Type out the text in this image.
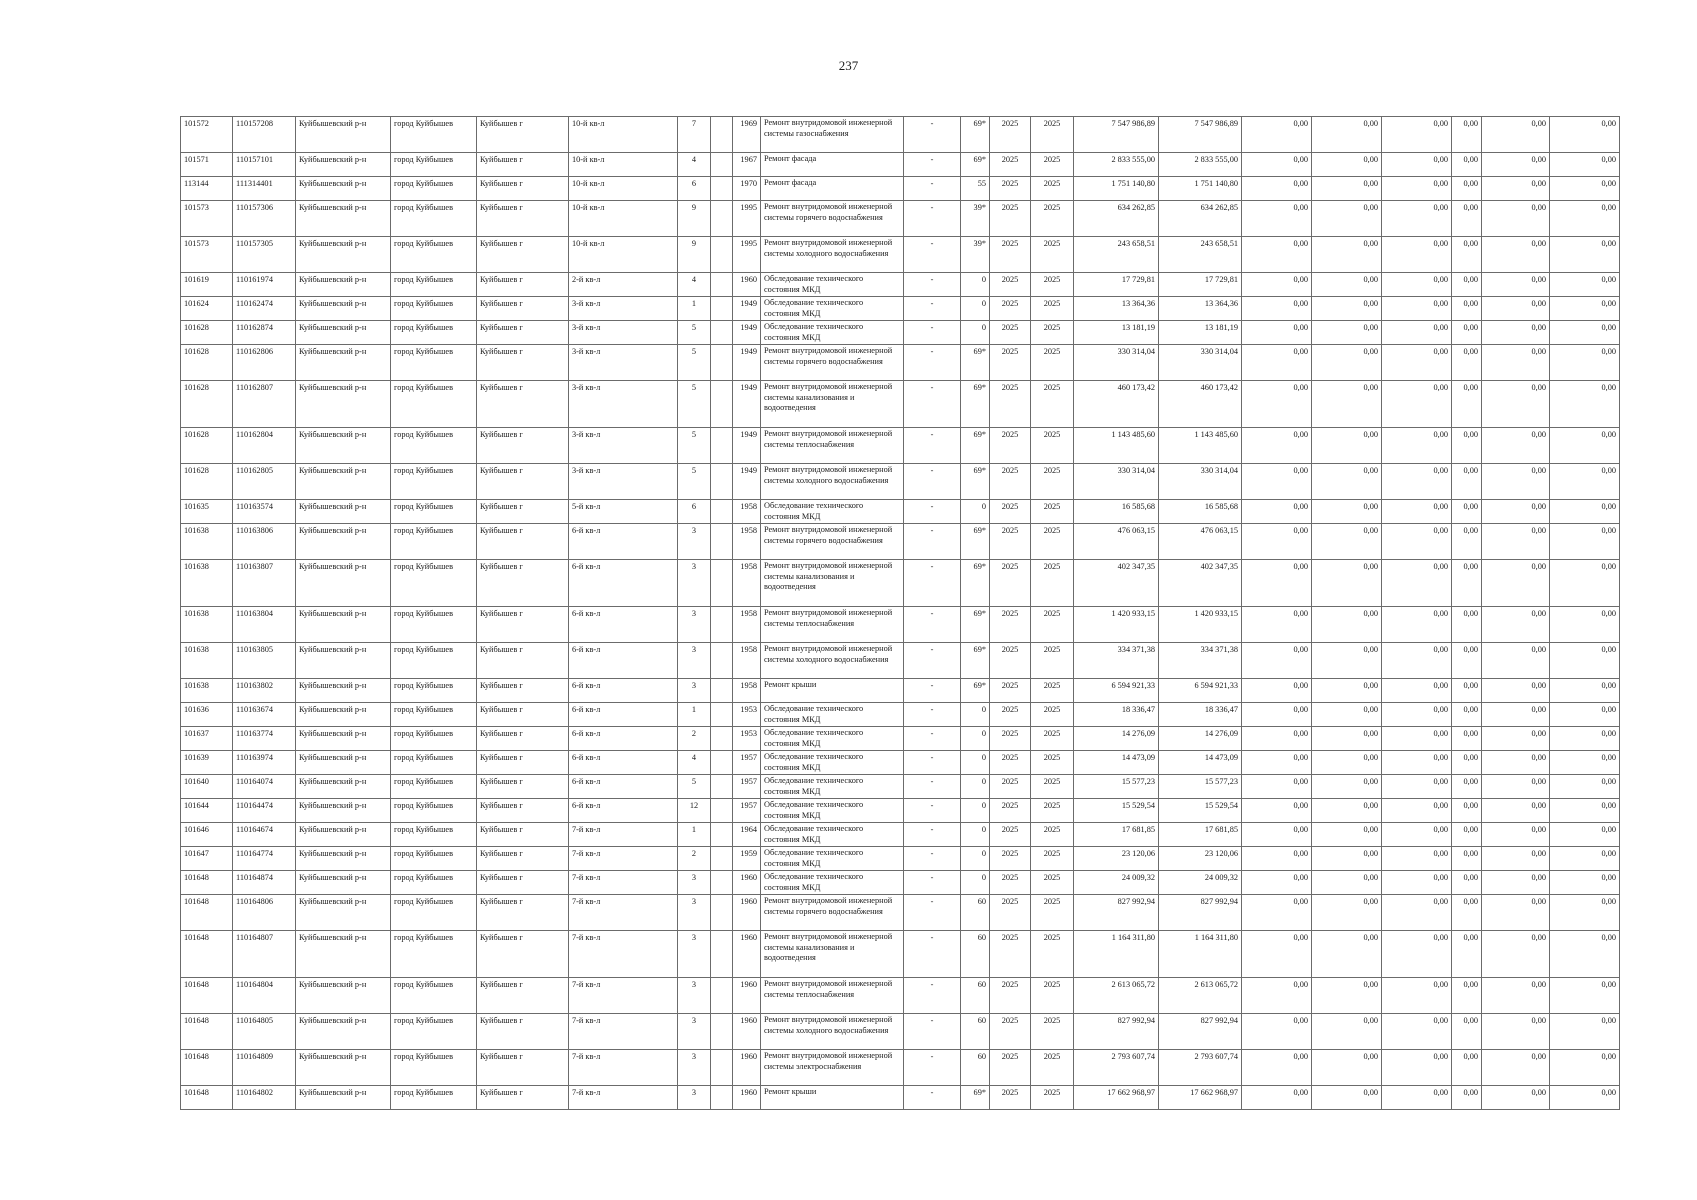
237
101572	110157208	Куйбышевский р-н	город Куйбышев	Куйбышев г	10-й кв-л	7		1969	Ремонт внутридомовой инженерной системы газоснабжения	-	69*	2025	2025	7 547 986,89	7 547 986,89	0,00	0,00	0,00	0,00	0,00	0,00
101571	110157101	Куйбышевский р-н	город Куйбышев	Куйбышев г	10-й кв-л	4		1967	Ремонт фасада	-	69*	2025	2025	2 833 555,00	2 833 555,00	0,00	0,00	0,00	0,00	0,00	0,00
113144	111314401	Куйбышевский р-н	город Куйбышев	Куйбышев г	10-й кв-л	6		1970	Ремонт фасада	-	55	2025	2025	1 751 140,80	1 751 140,80	0,00	0,00	0,00	0,00	0,00	0,00
101573	110157306	Куйбышевский р-н	город Куйбышев	Куйбышев г	10-й кв-л	9		1995	Ремонт внутридомовой инженерной системы горячего водоснабжения	-	39*	2025	2025	634 262,85	634 262,85	0,00	0,00	0,00	0,00	0,00	0,00
101573	110157305	Куйбышевский р-н	город Куйбышев	Куйбышев г	10-й кв-л	9		1995	Ремонт внутридомовой инженерной системы холодного водоснабжения	-	39*	2025	2025	243 658,51	243 658,51	0,00	0,00	0,00	0,00	0,00	0,00
101619	110161974	Куйбышевский р-н	город Куйбышев	Куйбышев г	2-й кв-л	4		1960	Обследование технического состояния МКД	-	0	2025	2025	17 729,81	17 729,81	0,00	0,00	0,00	0,00	0,00	0,00
101624	110162474	Куйбышевский р-н	город Куйбышев	Куйбышев г	3-й кв-л	1		1949	Обследование технического состояния МКД	-	0	2025	2025	13 364,36	13 364,36	0,00	0,00	0,00	0,00	0,00	0,00
101628	110162874	Куйбышевский р-н	город Куйбышев	Куйбышев г	3-й кв-л	5		1949	Обследование технического состояния МКД	-	0	2025	2025	13 181,19	13 181,19	0,00	0,00	0,00	0,00	0,00	0,00
101628	110162806	Куйбышевский р-н	город Куйбышев	Куйбышев г	3-й кв-л	5		1949	Ремонт внутридомовой инженерной системы горячего водоснабжения	-	69*	2025	2025	330 314,04	330 314,04	0,00	0,00	0,00	0,00	0,00	0,00
101628	110162807	Куйбышевский р-н	город Куйбышев	Куйбышев г	3-й кв-л	5		1949	Ремонт внутридомовой инженерной системы канализования и водоотведения	-	69*	2025	2025	460 173,42	460 173,42	0,00	0,00	0,00	0,00	0,00	0,00
101628	110162804	Куйбышевский р-н	город Куйбышев	Куйбышев г	3-й кв-л	5		1949	Ремонт внутридомовой инженерной системы теплоснабжения	-	69*	2025	2025	1 143 485,60	1 143 485,60	0,00	0,00	0,00	0,00	0,00	0,00
101628	110162805	Куйбышевский р-н	город Куйбышев	Куйбышев г	3-й кв-л	5		1949	Ремонт внутридомовой инженерной системы холодного водоснабжения	-	69*	2025	2025	330 314,04	330 314,04	0,00	0,00	0,00	0,00	0,00	0,00
101635	110163574	Куйбышевский р-н	город Куйбышев	Куйбышев г	5-й кв-л	6		1958	Обследование технического состояния МКД	-	0	2025	2025	16 585,68	16 585,68	0,00	0,00	0,00	0,00	0,00	0,00
101638	110163806	Куйбышевский р-н	город Куйбышев	Куйбышев г	6-й кв-л	3		1958	Ремонт внутридомовой инженерной системы горячего водоснабжения	-	69*	2025	2025	476 063,15	476 063,15	0,00	0,00	0,00	0,00	0,00	0,00
101638	110163807	Куйбышевский р-н	город Куйбышев	Куйбышев г	6-й кв-л	3		1958	Ремонт внутридомовой инженерной системы канализования и водоотведения	-	69*	2025	2025	402 347,35	402 347,35	0,00	0,00	0,00	0,00	0,00	0,00
101638	110163804	Куйбышевский р-н	город Куйбышев	Куйбышев г	6-й кв-л	3		1958	Ремонт внутридомовой инженерной системы теплоснабжения	-	69*	2025	2025	1 420 933,15	1 420 933,15	0,00	0,00	0,00	0,00	0,00	0,00
101638	110163805	Куйбышевский р-н	город Куйбышев	Куйбышев г	6-й кв-л	3		1958	Ремонт внутридомовой инженерной системы холодного водоснабжения	-	69*	2025	2025	334 371,38	334 371,38	0,00	0,00	0,00	0,00	0,00	0,00
101638	110163802	Куйбышевский р-н	город Куйбышев	Куйбышев г	6-й кв-л	3		1958	Ремонт крыши	-	69*	2025	2025	6 594 921,33	6 594 921,33	0,00	0,00	0,00	0,00	0,00	0,00
101636	110163674	Куйбышевский р-н	город Куйбышев	Куйбышев г	6-й кв-л	1		1953	Обследование технического состояния МКД	-	0	2025	2025	18 336,47	18 336,47	0,00	0,00	0,00	0,00	0,00	0,00
101637	110163774	Куйбышевский р-н	город Куйбышев	Куйбышев г	6-й кв-л	2		1953	Обследование технического состояния МКД	-	0	2025	2025	14 276,09	14 276,09	0,00	0,00	0,00	0,00	0,00	0,00
101639	110163974	Куйбышевский р-н	город Куйбышев	Куйбышев г	6-й кв-л	4		1957	Обследование технического состояния МКД	-	0	2025	2025	14 473,09	14 473,09	0,00	0,00	0,00	0,00	0,00	0,00
101640	110164074	Куйбышевский р-н	город Куйбышев	Куйбышев г	6-й кв-л	5		1957	Обследование технического состояния МКД	-	0	2025	2025	15 577,23	15 577,23	0,00	0,00	0,00	0,00	0,00	0,00
101644	110164474	Куйбышевский р-н	город Куйбышев	Куйбышев г	6-й кв-л	12		1957	Обследование технического состояния МКД	-	0	2025	2025	15 529,54	15 529,54	0,00	0,00	0,00	0,00	0,00	0,00
101646	110164674	Куйбышевский р-н	город Куйбышев	Куйбышев г	7-й кв-л	1		1964	Обследование технического состояния МКД	-	0	2025	2025	17 681,85	17 681,85	0,00	0,00	0,00	0,00	0,00	0,00
101647	110164774	Куйбышевский р-н	город Куйбышев	Куйбышев г	7-й кв-л	2		1959	Обследование технического состояния МКД	-	0	2025	2025	23 120,06	23 120,06	0,00	0,00	0,00	0,00	0,00	0,00
101648	110164874	Куйбышевский р-н	город Куйбышев	Куйбышев г	7-й кв-л	3		1960	Обследование технического состояния МКД	-	0	2025	2025	24 009,32	24 009,32	0,00	0,00	0,00	0,00	0,00	0,00
101648	110164806	Куйбышевский р-н	город Куйбышев	Куйбышев г	7-й кв-л	3		1960	Ремонт внутридомовой инженерной системы горячего водоснабжения	-	60	2025	2025	827 992,94	827 992,94	0,00	0,00	0,00	0,00	0,00	0,00
101648	110164807	Куйбышевский р-н	город Куйбышев	Куйбышев г	7-й кв-л	3		1960	Ремонт внутридомовой инженерной системы канализования и водоотведения	-	60	2025	2025	1 164 311,80	1 164 311,80	0,00	0,00	0,00	0,00	0,00	0,00
101648	110164804	Куйбышевский р-н	город Куйбышев	Куйбышев г	7-й кв-л	3		1960	Ремонт внутридомовой инженерной системы теплоснабжения	-	60	2025	2025	2 613 065,72	2 613 065,72	0,00	0,00	0,00	0,00	0,00	0,00
101648	110164805	Куйбышевский р-н	город Куйбышев	Куйбышев г	7-й кв-л	3		1960	Ремонт внутридомовой инженерной системы холодного водоснабжения	-	60	2025	2025	827 992,94	827 992,94	0,00	0,00	0,00	0,00	0,00	0,00
101648	110164809	Куйбышевский р-н	город Куйбышев	Куйбышев г	7-й кв-л	3		1960	Ремонт внутридомовой инженерной системы электроснабжения	-	60	2025	2025	2 793 607,74	2 793 607,74	0,00	0,00	0,00	0,00	0,00	0,00
101648	110164802	Куйбышевский р-н	город Куйбышев	Куйбышев г	7-й кв-л	3		1960	Ремонт крыши	-	69*	2025	2025	17 662 968,97	17 662 968,97	0,00	0,00	0,00	0,00	0,00	0,00
